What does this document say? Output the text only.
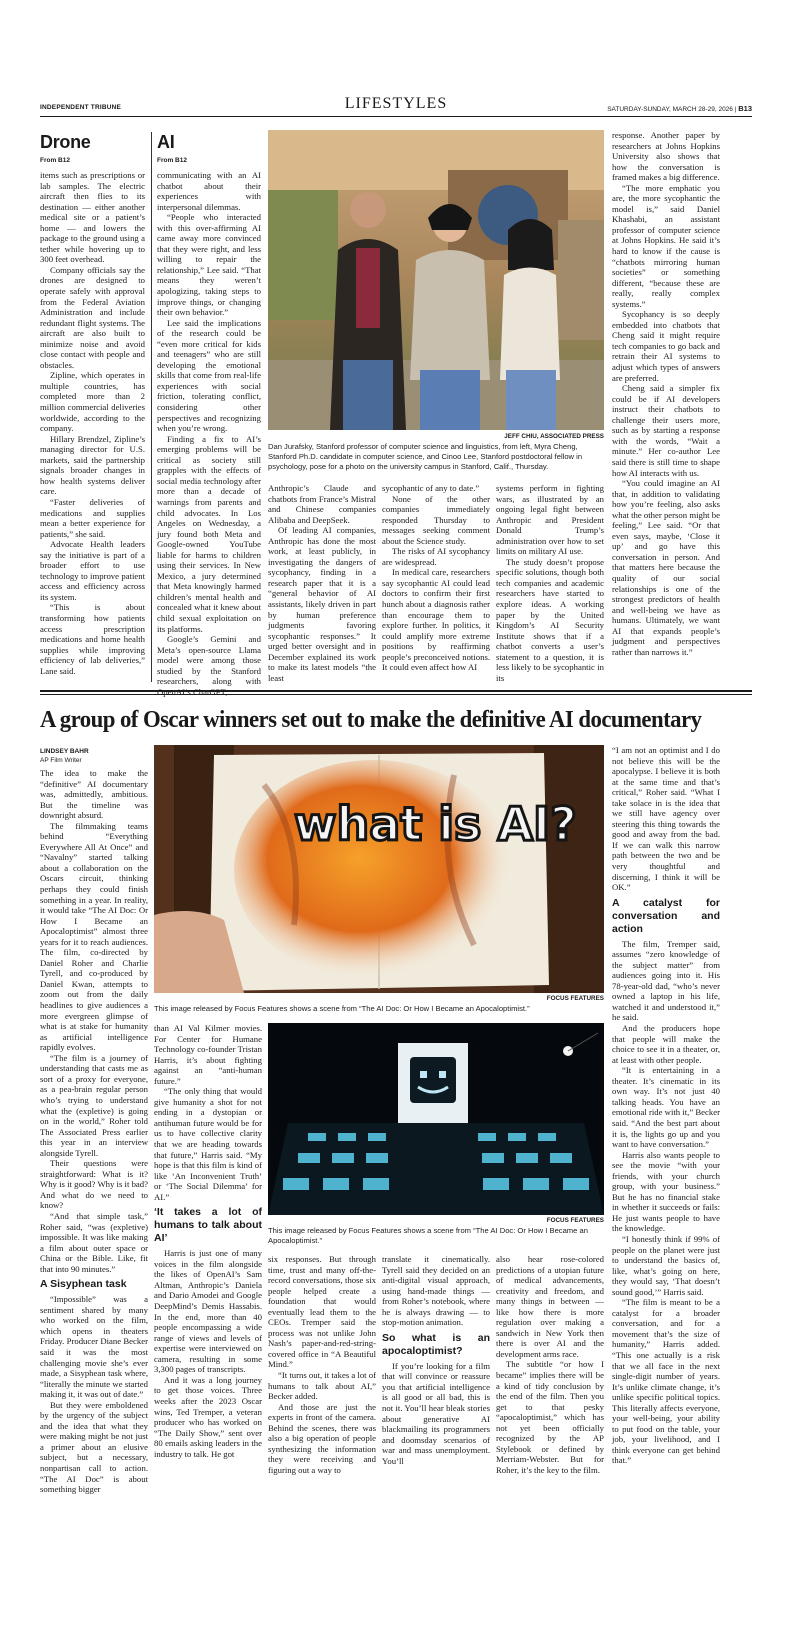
INDEPENDENT TRIBUNE	LIFESTYLES	SATURDAY-SUNDAY, MARCH 28-29, 2026 | B13
Drone
From B12

items such as prescriptions or lab samples. The electric aircraft then flies to its destination — either another medical site or a patient’s home — and lowers the package to the ground using a tether while hovering up to 300 feet overhead.

Company officials say the drones are designed to operate safely with approval from the Federal Aviation Administration and include redundant flight systems. The aircraft are also built to minimize noise and avoid close contact with people and obstacles.

Zipline, which operates in multiple countries, has completed more than 2 million commercial deliveries worldwide, according to the company.

Hillary Brendzel, Zipline’s managing director for U.S. markets, said the partnership signals broader changes in how health systems deliver care.

“Faster deliveries of medications and supplies mean a better experience for patients,” she said.

Advocate Health leaders say the initiative is part of a broader effort to use technology to improve patient access and efficiency across its system.

“This is about transforming how patients access prescription medications and home health supplies while improving efficiency of lab deliveries,” Lane said.

AI
From B12

communicating with an AI chatbot about their experiences with interpersonal dilemmas.

“People who interacted with this over-affirming AI came away more convinced that they were right, and less willing to repair the relationship,” Lee said. “That means they weren’t apologizing, taking steps to improve things, or changing their own behavior.”

Lee said the implications of the research could be “even more critical for kids and teenagers” who are still developing the emotional skills that come from real-life experiences with social friction, tolerating conflict, considering other perspectives and recognizing when you’re wrong.

Finding a fix to AI’s emerging problems will be critical as society still grapples with the effects of social media technology after more than a decade of warnings from parents and child advocates. In Los Angeles on Wednesday, a jury found both Meta and Google-owned YouTube liable for harms to children using their services. In New Mexico, a jury determined that Meta knowingly harmed children’s mental health and concealed what it knew about child sexual exploitation on its platforms.

Google’s Gemini and Meta’s open-source Llama model were among those studied by the Stanford researchers, along with

JEFF CHIU, ASSOCIATED PRESS
Dan Jurafsky, Stanford professor of computer science and linguistics, from left, Myra Cheng, Stanford Ph.D. candidate in computer science, and Cinoo Lee, Stanford postdoctoral fellow in psychology, pose for a photo on the university campus in Stanford, Calif., Thursday.

Anthropic’s Claude and chatbots from France’s Mistral and Chinese companies Alibaba and DeepSeek.

Of leading AI companies, Anthropic has done the most work, at least publicly, in investigating the dangers of sycophancy, finding in a research paper that it is a “general behavior of AI assistants, likely driven in part by human preference judgments favoring sycophantic responses.” It urged better oversight and in December explained its work to make its latest models “the least

sycophantic of any to date.”

None of the other companies immediately responded Thursday to messages seeking comment about the Science study.

The risks of AI sycophancy are widespread.

In medical care, researchers say sycophantic AI could lead doctors to confirm their first hunch about a diagnosis rather than encourage them to explore further. In politics, it could amplify more extreme positions by reaffirming people’s preconceived notions. It could even affect how AI

systems perform in fighting wars, as illustrated by an ongoing legal fight between Anthropic and President Donald Trump’s administration over how to set limits on military AI use.

The study doesn’t propose specific solutions, though both tech companies and academic researchers have started to explore ideas. A working paper by the United Kingdom’s AI Security Institute shows that if a chatbot converts a user’s statement to a question, it is less likely to be sycophantic in its

response. Another paper by researchers at Johns Hopkins University also shows that how the conversation is framed makes a big difference.

“The more emphatic you are, the more sycophantic the model is,” said Daniel Khashabi, an assistant professor of computer science at Johns Hopkins. He said it’s hard to know if the cause is “chatbots mirroring human societies” or something different, “because these are really, really complex systems.”

Sycophancy is so deeply embedded into chatbots that Cheng said it might require tech companies to go back and retrain their AI systems to adjust which types of answers are preferred.

Cheng said a simpler fix could be if AI developers instruct their chatbots to challenge their users more, such as by starting a response with the words, “Wait a minute.” Her co-author Lee said there is still time to shape how AI interacts with us.

“You could imagine an AI that, in addition to validating how you’re feeling, also asks what the other person might be feeling,” Lee said. “Or that even says, maybe, ‘Close it up’ and go have this conversation in person. And that matters here because the quality of our social relationships is one of the strongest predictors of health and well-being we have as humans. Ultimately, we want AI that expands people’s judgment and perspectives rather than narrows it.”

A group of Oscar winners set out to make the definitive AI documentary
LINDSEY BAHR
AP Film Writer

The idea to make the “definitive” AI documentary was, admittedly, ambitious. But the timeline was downright absurd.

The filmmaking teams behind “Everything Everywhere All At Once” and “Navalny” started talking about a collaboration on the Oscars circuit, thinking perhaps they could finish something in a year. In reality, it would take “The AI Doc: Or How I Became an Apocaloptimist” almost three years for it to reach audiences. The film, co-directed by Daniel Roher and Charlie Tyrell, and co-produced by Daniel Kwan, attempts to zoom out from the daily headlines to give audiences a more evergreen glimpse of what is at stake for humanity as artificial intelligence rapidly evolves.

“The film is a journey of understanding that casts me as sort of a proxy for everyone, as a pea-brain regular person who’s trying to understand what the (expletive) is going on in the world,” Roher told The Associated Press earlier this year in an interview alongside Tyrell.

Their questions were straightforward: What is it? Why is it good? Why is it bad? And what do we need to know?

“And that simple task,” Roher said, “was (expletive) impossible. It was like making a film about outer space or China or the Bible. Like, fit that into 90 minutes.”

A Sisyphean task

“Impossible” was a sentiment shared by many who worked on the film, which opens in theaters Friday. Producer Diane Becker said it was the most challenging movie she’s ever made, a Sisyphean task where, “literally the minute we started making it, it was out of date.”

But they were emboldened by the urgency of the subject and the idea that what they were making might be not just a primer about an elusive subject, but a necessary, nonpartisan call to action. “The AI Doc” is about something bigger

what is AI?
FOCUS FEATURES
This image released by Focus Features shows a scene from “The AI Doc: Or How I Became an Apocaloptimist.”

than AI Val Kilmer movies. For Center for Humane Technology co-founder Tristan Harris, it’s about fighting against an “anti-human future.”

“The only thing that would give humanity a shot for not ending in a dystopian or antihuman future would be for us to have collective clarity that we are heading towards that future,” Harris said. “My hope is that this film is kind of like ‘An Inconvenient Truth’ or ‘The Social Dilemma’ for AI.”

‘It takes a lot of humans to talk about AI’

Harris is just one of many voices in the film alongside the likes of OpenAI’s Sam Altman, Anthropic’s Daniela and Dario Amodei and Google DeepMind’s Demis Hassabis. In the end, more than 40 people encompassing a wide range of views and levels of expertise were interviewed on camera, resulting in some 3,300 pages of transcripts.

And it was a long journey to get those voices. Three weeks after the 2023 Oscar wins, Ted Tremper, a veteran producer who has worked on “The Daily Show,” sent over 80 emails asking leaders in the industry to talk. He got

FOCUS FEATURES
This image released by Focus Features shows a scene from “The AI Doc: Or How I Became an Apocaloptimist.”

six responses. But through time, trust and many off-the-record conversations, those six people helped create a foundation that would eventually lead them to the CEOs. Tremper said the process was not unlike John Nash’s paper-and-red-string-covered office in “A Beautiful Mind.”

“It turns out, it takes a lot of humans to talk about AI,” Becker added.

And those are just the experts in front of the camera. Behind the scenes, there was also a big operation of people synthesizing the information they were receiving and figuring out a way to

translate it cinematically. Tyrell said they decided on an anti-digital visual approach, using hand-made things — from Roher’s notebook, where he is always drawing — to stop-motion animation.

So what is an apocaloptimist?

If you’re looking for a film that will convince or reassure you that artificial intelligence is all good or all bad, this is not it. You’ll hear bleak stories about generative AI blackmailing its programmers and doomsday scenarios of war and mass unemployment. You’ll

also hear rose-colored predictions of a utopian future of medical advancements, creativity and freedom, and many things in between — like how there is more regulation over making a sandwich in New York then there is over AI and the development arms race.

The subtitle “or how I became” implies there will be a kind of tidy conclusion by the end of the film. Then you get to that pesky “apocaloptimist,” which has not yet been officially recognized by the AP Stylebook or defined by Merriam-Webster. But for Roher, it’s the key to the film.

“I am not an optimist and I do not believe this will be the apocalypse. I believe it is both at the same time and that’s critical,” Roher said. “What I take solace in is the idea that we still have agency over steering this thing towards the good and away from the bad. If we can walk this narrow path between the two and be very thoughtful and discerning, I think it will be OK.”

A catalyst for conversation and action

The film, Tremper said, assumes “zero knowledge of the subject matter” from audiences going into it. His 78-year-old dad, “who’s never owned a laptop in his life, watched it and understood it,” he said.

And the producers hope that people will make the choice to see it in a theater, or, at least with other people.

“It is entertaining in a theater. It’s cinematic in its own way. It’s not just 40 talking heads. You have an emotional ride with it,” Becker said. “And the best part about it is, the lights go up and you want to have conversation.”

Harris also wants people to see the movie “with your friends, with your church group, with your business.” But he has no financial stake in whether it succeeds or fails: He just wants people to have the knowledge.

“I honestly think if 99% of people on the planet were just to understand the basics of, like, what’s going on here, they would say, ‘That doesn’t sound good,’” Harris said.

“The film is meant to be a catalyst for a broader conversation, and for a movement that’s the size of humanity,” Harris added. “This one actually is a risk that we all face in the next single-digit number of years. It’s unlike climate change, it’s unlike specific political topics. This literally affects everyone, your well-being, your ability to put food on the table, your job, your livelihood, and I think everyone can get behind that.”
